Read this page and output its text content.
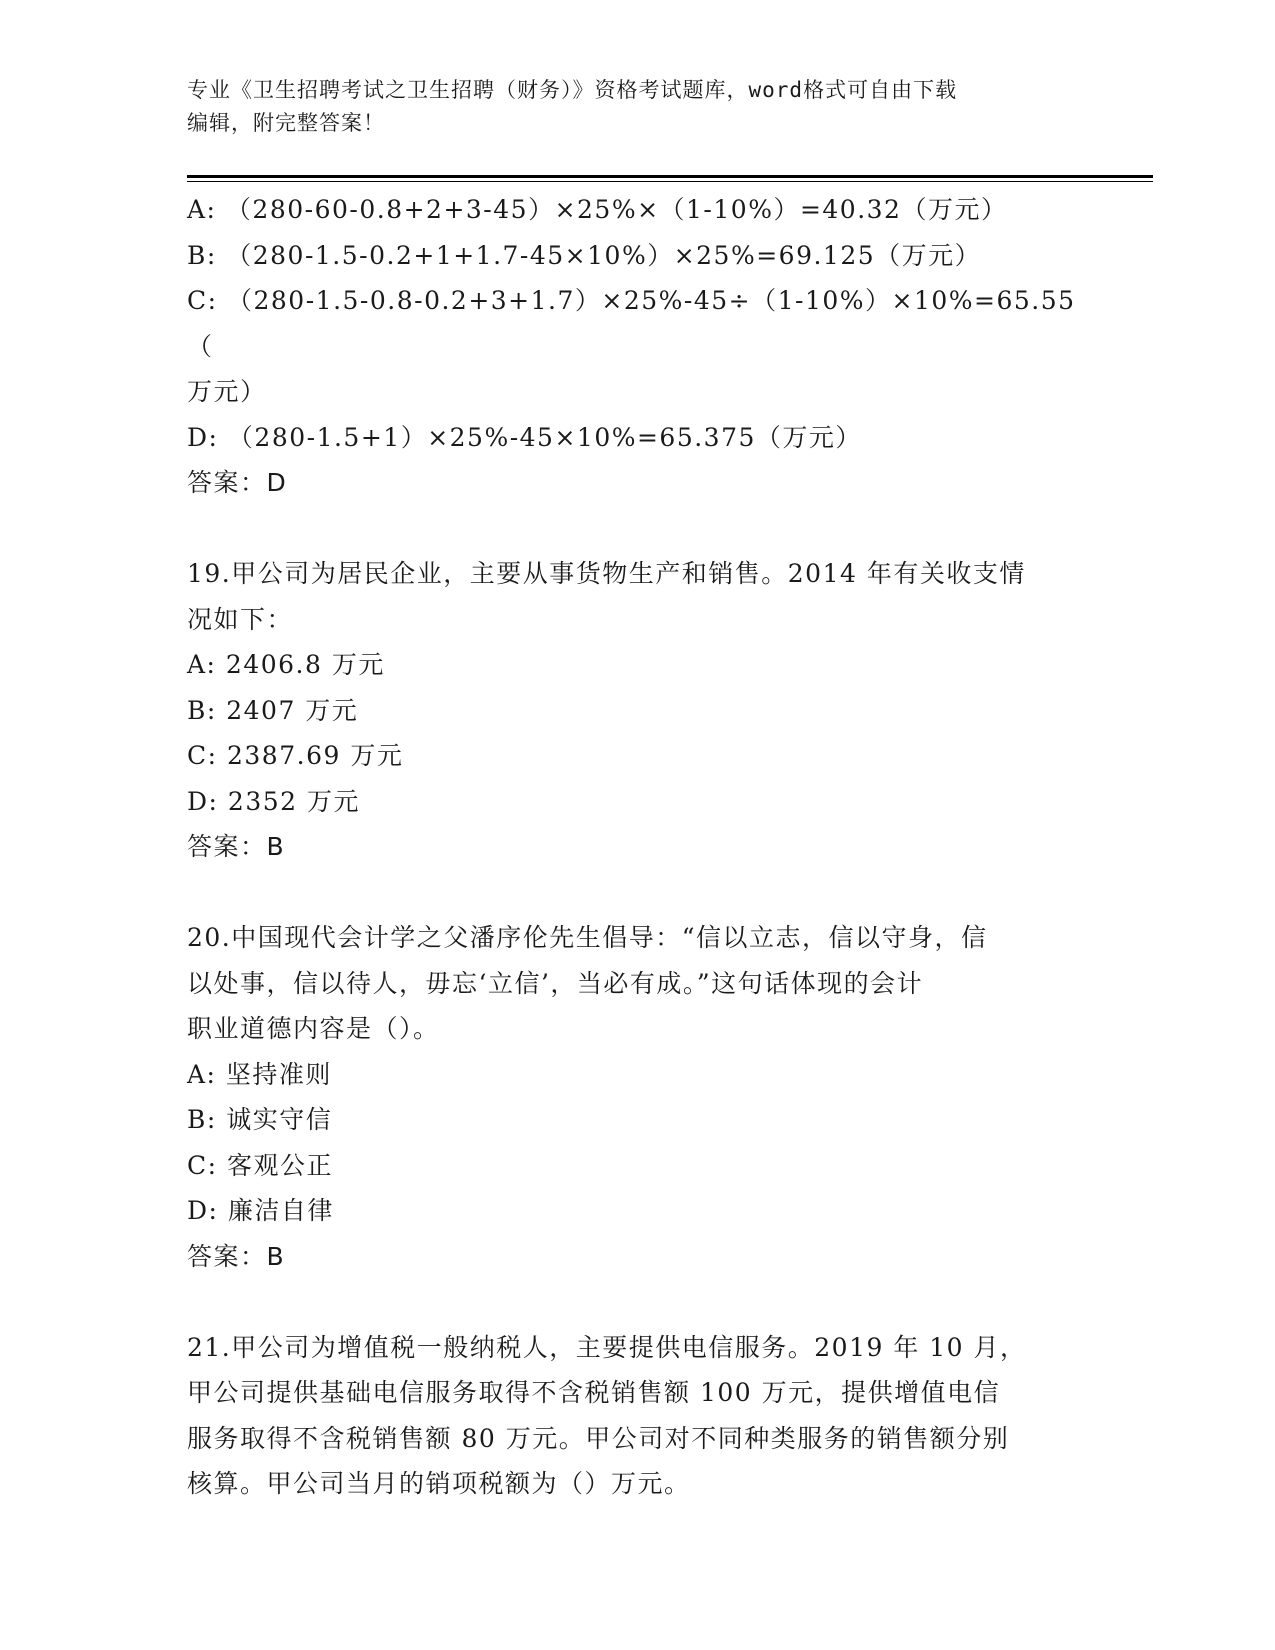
专业《卫生招聘考试之卫生招聘（财务）》资格考试题库，word格式可自由下载
编辑，附完整答案！
A: （280-60-0.8+2+3-45）×25%×（1-10%）=40.32（万元）
B: （280-1.5-0.2+1+1.7-45×10%）×25%=69.125（万元）
C: （280-1.5-0.8-0.2+3+1.7）×25%-45÷（1-10%）×10%=65.55（
万元）
D: （280-1.5+1）×25%-45×10%=65.375（万元）
答案：D
19.甲公司为居民企业，主要从事货物生产和销售。2014 年有关收支情
况如下：
A: 2406.8 万元
B: 2407 万元
C: 2387.69 万元
D: 2352 万元
答案：B
20.中国现代会计学之父潘序伦先生倡导：“信以立志，信以守身，信
以处事，信以待人，毋忘‘立信’，当必有成。”这句话体现的会计
职业道德内容是（）。
A: 坚持准则
B: 诚实守信
C: 客观公正
D: 廉洁自律
答案：B
21.甲公司为增值税一般纳税人，主要提供电信服务。2019 年 10 月，
甲公司提供基础电信服务取得不含税销售额 100 万元，提供增值电信
服务取得不含税销售额 80 万元。甲公司对不同种类服务的销售额分别
核算。甲公司当月的销项税额为（）万元。
